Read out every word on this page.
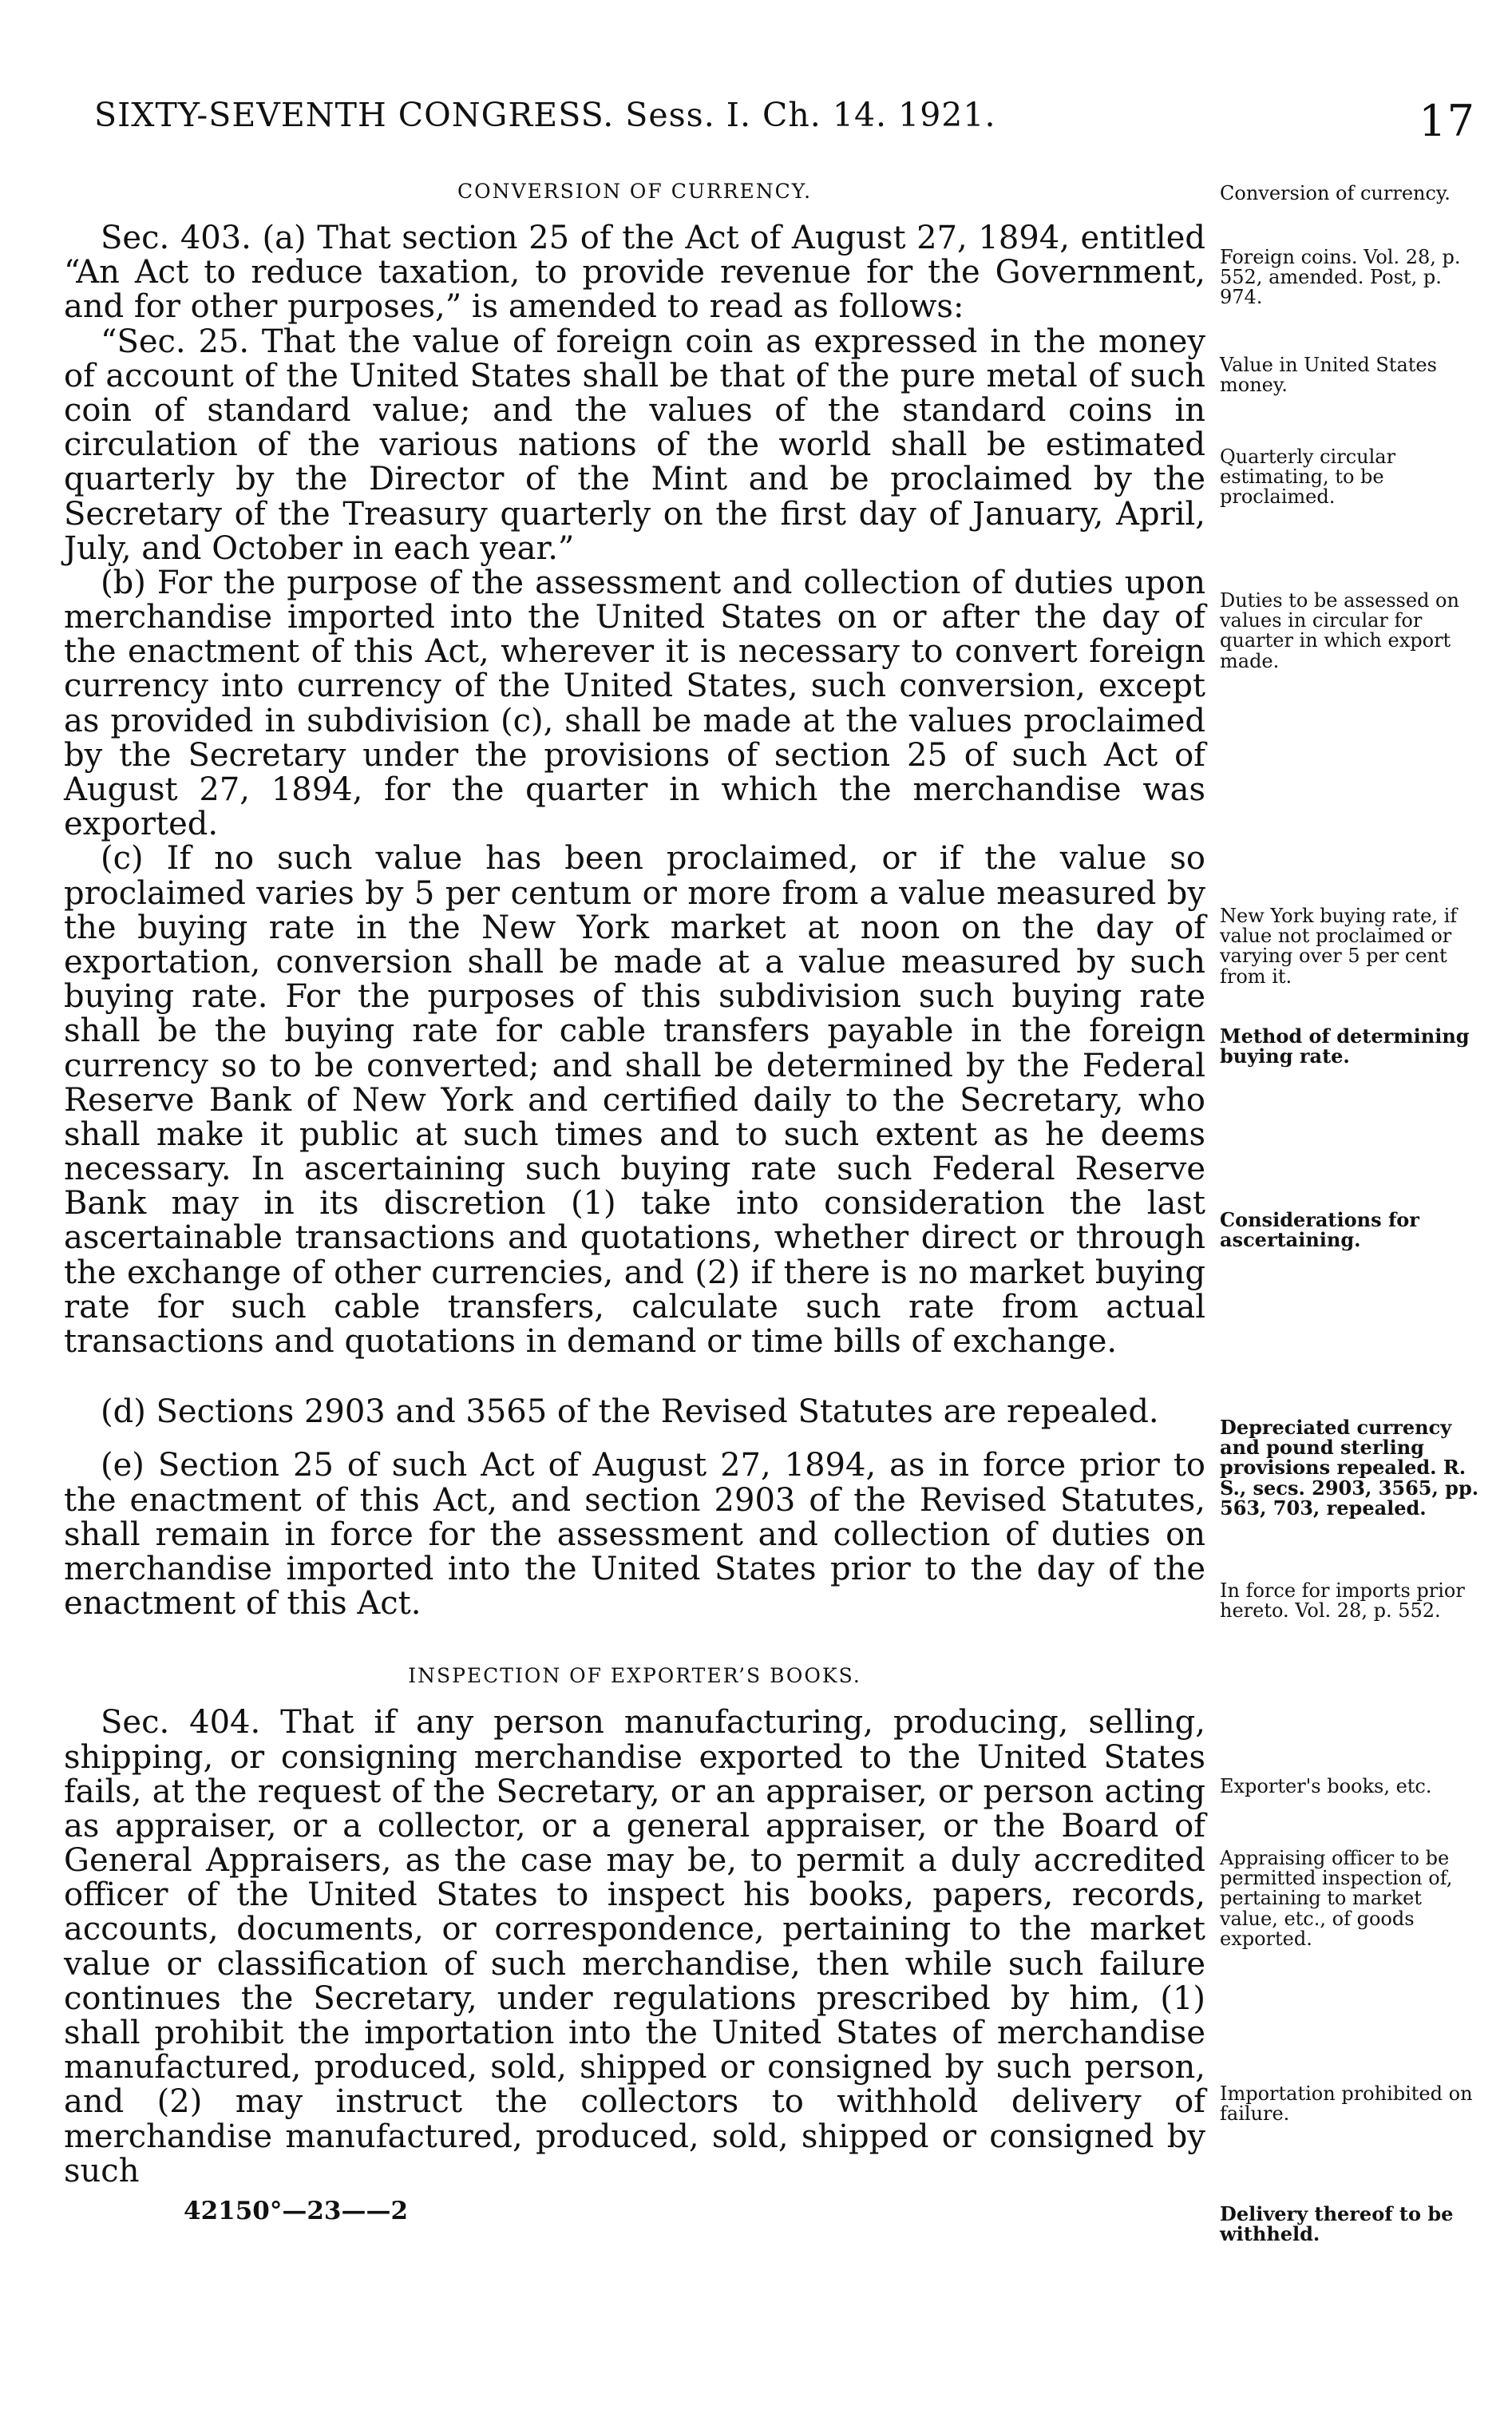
SIXTY-SEVENTH CONGRESS. Sess. I. Ch. 14. 1921.	17
CONVERSION OF CURRENCY.

Sec. 403. (a) That section 25 of the Act of August 27, 1894, entitled “An Act to reduce taxation, to provide revenue for the Government, and for other purposes,” is amended to read as follows:

“Sec. 25. That the value of foreign coin as expressed in the money of account of the United States shall be that of the pure metal of such coin of standard value; and the values of the standard coins in circulation of the various nations of the world shall be estimated quarterly by the Director of the Mint and be proclaimed by the Secretary of the Treasury quarterly on the first day of January, April, July, and October in each year.”

(b) For the purpose of the assessment and collection of duties upon merchandise imported into the United States on or after the day of the enactment of this Act, wherever it is necessary to convert foreign currency into currency of the United States, such conversion, except as provided in subdivision (c), shall be made at the values proclaimed by the Secretary under the provisions of section 25 of such Act of August 27, 1894, for the quarter in which the merchandise was exported.

(c) If no such value has been proclaimed, or if the value so proclaimed varies by 5 per centum or more from a value measured by the buying rate in the New York market at noon on the day of exportation, conversion shall be made at a value measured by such buying rate. For the purposes of this subdivision such buying rate shall be the buying rate for cable transfers payable in the foreign currency so to be converted; and shall be determined by the Federal Reserve Bank of New York and certified daily to the Secretary, who shall make it public at such times and to such extent as he deems necessary. In ascertaining such buying rate such Federal Reserve Bank may in its discretion (1) take into consideration the last ascertainable transactions and quotations, whether direct or through the exchange of other currencies, and (2) if there is no market buying rate for such cable transfers, calculate such rate from actual transactions and quotations in demand or time bills of exchange.

(d) Sections 2903 and 3565 of the Revised Statutes are repealed.

(e) Section 25 of such Act of August 27, 1894, as in force prior to the enactment of this Act, and section 2903 of the Revised Statutes, shall remain in force for the assessment and collection of duties on merchandise imported into the United States prior to the day of the enactment of this Act.

INSPECTION OF EXPORTER’S BOOKS.

Sec. 404. That if any person manufacturing, producing, selling, shipping, or consigning merchandise exported to the United States fails, at the request of the Secretary, or an appraiser, or person acting as appraiser, or a collector, or a general appraiser, or the Board of General Appraisers, as the case may be, to permit a duly accredited officer of the United States to inspect his books, papers, records, accounts, documents, or correspondence, pertaining to the market value or classification of such merchandise, then while such failure continues the Secretary, under regulations prescribed by him, (1) shall prohibit the importation into the United States of merchandise manufactured, produced, sold, shipped or consigned by such person, and (2) may instruct the collectors to withhold delivery of merchandise manufactured, produced, sold, shipped or consigned by such

42150°—23——2
Conversion of currency.
Foreign coins. Vol. 28, p. 552, amended. Post, p. 974.
Value in United States money.
Quarterly circular estimating, to be proclaimed.
Duties to be assessed on values in circular for quarter in which export made.
New York buying rate, if value not proclaimed or varying over 5 per cent from it.
Method of determining buying rate.
Considerations for ascertaining.
Depreciated currency and pound sterling provisions repealed. R. S., secs. 2903, 3565, pp. 563, 703, repealed.
In force for imports prior hereto. Vol. 28, p. 552.
Exporter's books, etc.
Appraising officer to be permitted inspection of, pertaining to market value, etc., of goods exported.
Importation prohibited on failure.
Delivery thereof to be withheld.
